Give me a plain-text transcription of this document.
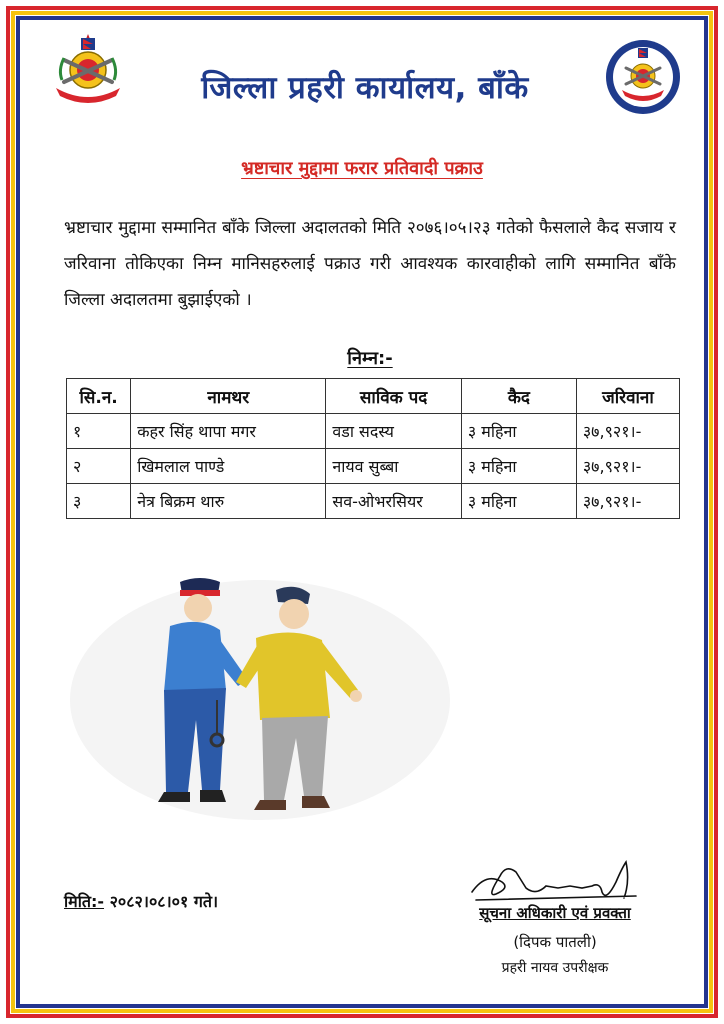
जिल्ला प्रहरी कार्यालय, बाँके
भ्रष्टाचार मुद्दामा फरार प्रतिवादी पक्राउ
भ्रष्टाचार मुद्दामा सम्मानित बाँके जिल्ला अदालतको मिति २०७६।०५।२३ गतेको फैसलाले कैद सजाय र जरिवाना तोकिएका निम्न मानिसहरुलाई पक्राउ गरी आवश्यक कारवाहीको लागि सम्मानित बाँके जिल्ला अदालतमा बुझाईएको ।
निम्न:-
सि.न.	नामथर	साविक पद	कैद	जरिवाना
१	कहर सिंह थापा मगर	वडा सदस्य	३ महिना	३७,९२१।-
२	खिमलाल पाण्डे	नायव सुब्बा	३ महिना	३७,९२१।-
३	नेत्र बिक्रम थारु	सव-ओभरसियर	३ महिना	३७,९२१।-
मिति:- २०८२।०८।०१ गते।
सूचना अधिकारी एवं प्रवक्ता
(दिपक पातली)
प्रहरी नायव उपरीक्षक
